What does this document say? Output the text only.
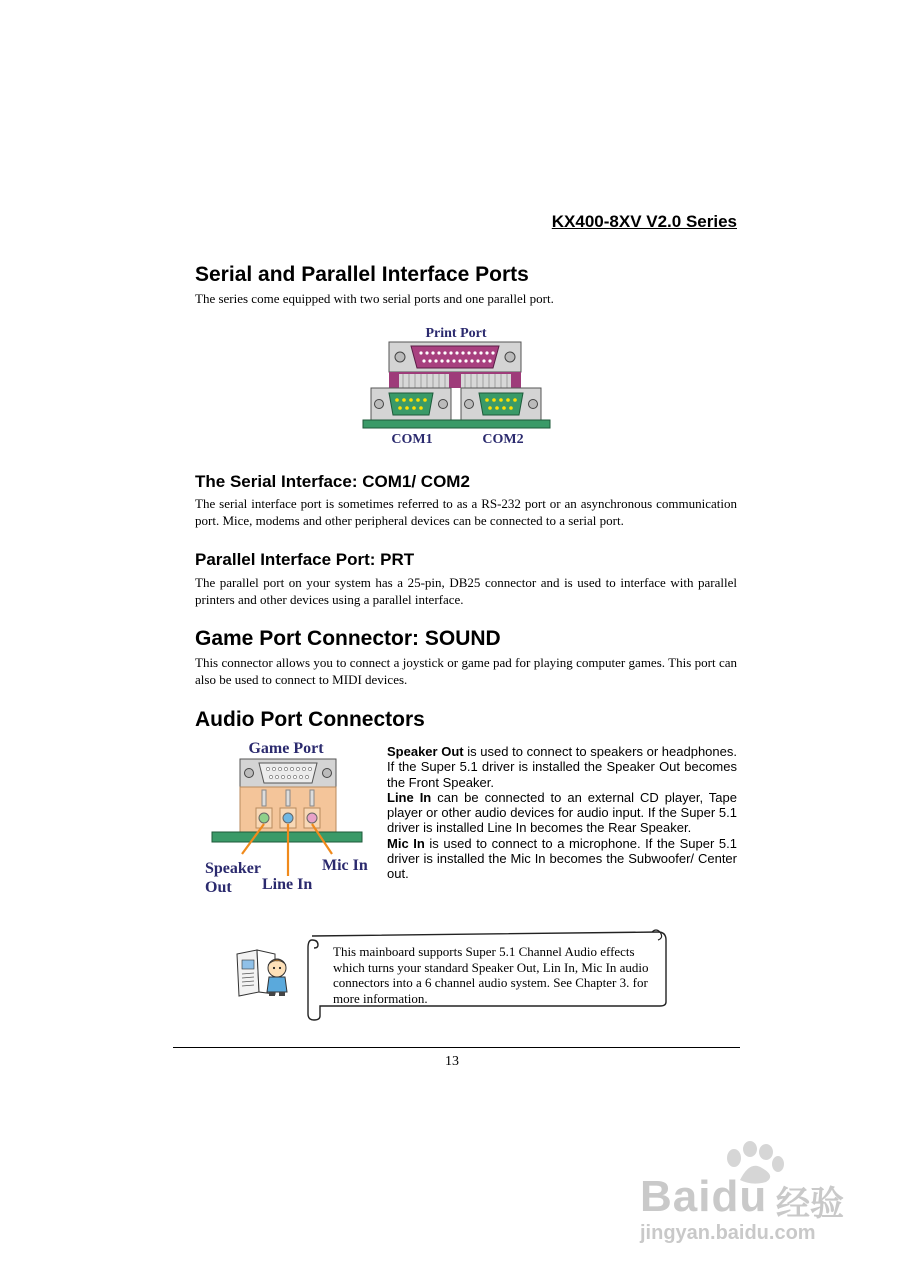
KX400-8XV V2.0 Series
Serial and Parallel Interface Ports
The series come equipped with two serial ports and one parallel port.
Print Port
COM1	COM2
The Serial Interface: COM1/ COM2
The serial interface port is sometimes referred to as a RS-232 port or an asynchronous communication port. Mice, modems and other peripheral devices can be connected to a serial port.
Parallel Interface Port: PRT
The parallel port on your system has a 25-pin, DB25 connector and is used to interface with parallel printers and other devices using a parallel interface.
Game Port Connector: SOUND
This connector allows you to connect a joystick or game pad for playing computer games. This port can also be used to connect to MIDI devices.
Audio Port Connectors
Game Port
Speaker
Out Line In
Mic In
Speaker Out is used to connect to speakers or headphones. If the Super 5.1 driver is installed the Speaker Out becomes the Front Speaker.
Line In can be connected to an external CD player, Tape player or other audio devices for audio input. If the Super 5.1 driver is installed Line In becomes the Rear Speaker.
Mic In is used to connect to a microphone. If the Super 5.1 driver is installed the Mic In becomes the Subwoofer/ Center out.
This mainboard supports Super 5.1 Channel Audio effects which turns your standard Speaker Out, Lin In, Mic In audio connectors into a 6 channel audio system. See Chapter 3. for more information.
13
Baidu 经验
jingyan.baidu.com
